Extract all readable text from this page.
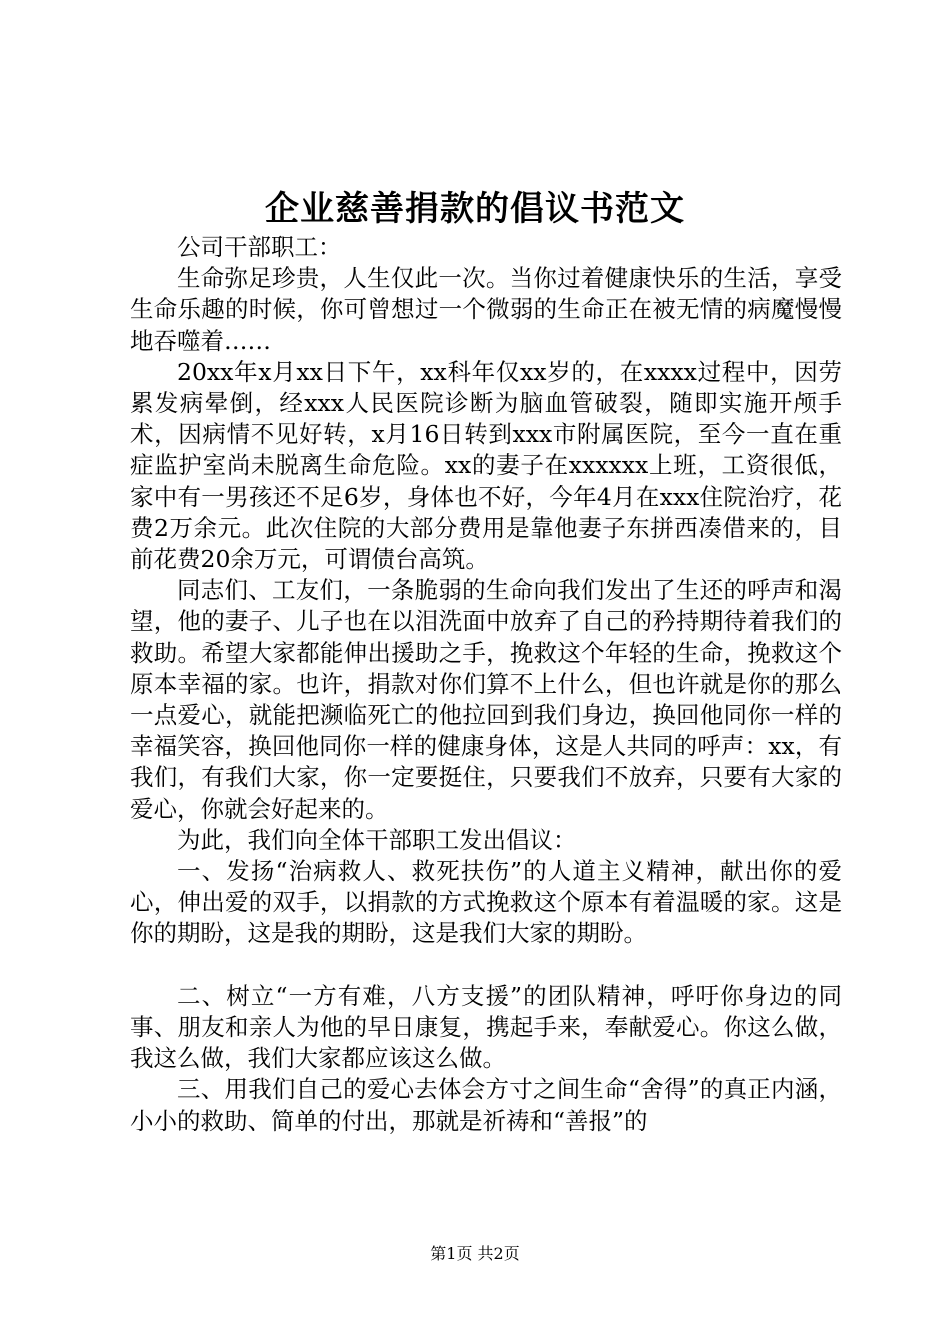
企业慈善捐款的倡议书范文

公司干部职工：

生命弥足珍贵，人生仅此一次。当你过着健康快乐的生活，享受生命乐趣的时候，你可曾想过一个微弱的生命正在被无情的病魔慢慢地吞噬着……

20xx年x月xx日下午，xx科年仅xx岁的，在xxxx过程中，因劳累发病晕倒，经xxx人民医院诊断为脑血管破裂，随即实施开颅手术，因病情不见好转，x月16日转到xxx市附属医院，至今一直在重症监护室尚未脱离生命危险。xx的妻子在xxxxxx上班，工资很低，家中有一男孩还不足6岁，身体也不好，今年4月在xxx住院治疗，花费2万余元。此次住院的大部分费用是靠他妻子东拼西凑借来的，目前花费20余万元，可谓债台高筑。

同志们、工友们，一条脆弱的生命向我们发出了生还的呼声和渴望，他的妻子、儿子也在以泪洗面中放弃了自己的矜持期待着我们的救助。希望大家都能伸出援助之手，挽救这个年轻的生命，挽救这个原本幸福的家。也许，捐款对你们算不上什么，但也许就是你的那么一点爱心，就能把濒临死亡的他拉回到我们身边，换回他同你一样的幸福笑容，换回他同你一样的健康身体，这是人共同的呼声：xx，有我们，有我们大家，你一定要挺住，只要我们不放弃，只要有大家的爱心，你就会好起来的。

为此，我们向全体干部职工发出倡议：

一、发扬“治病救人、救死扶伤”的人道主义精神，献出你的爱心，伸出爱的双手，以捐款的方式挽救这个原本有着温暖的家。这是你的期盼，这是我的期盼，这是我们大家的期盼。

二、树立“一方有难，八方支援”的团队精神，呼吁你身边的同事、朋友和亲人为他的早日康复，携起手来，奉献爱心。你这么做，我这么做，我们大家都应该这么做。

三、用我们自己的爱心去体会方寸之间生命“舍得”的真正内涵，小小的救助、简单的付出，那就是祈祷和“善报”的

第1页 共2页
